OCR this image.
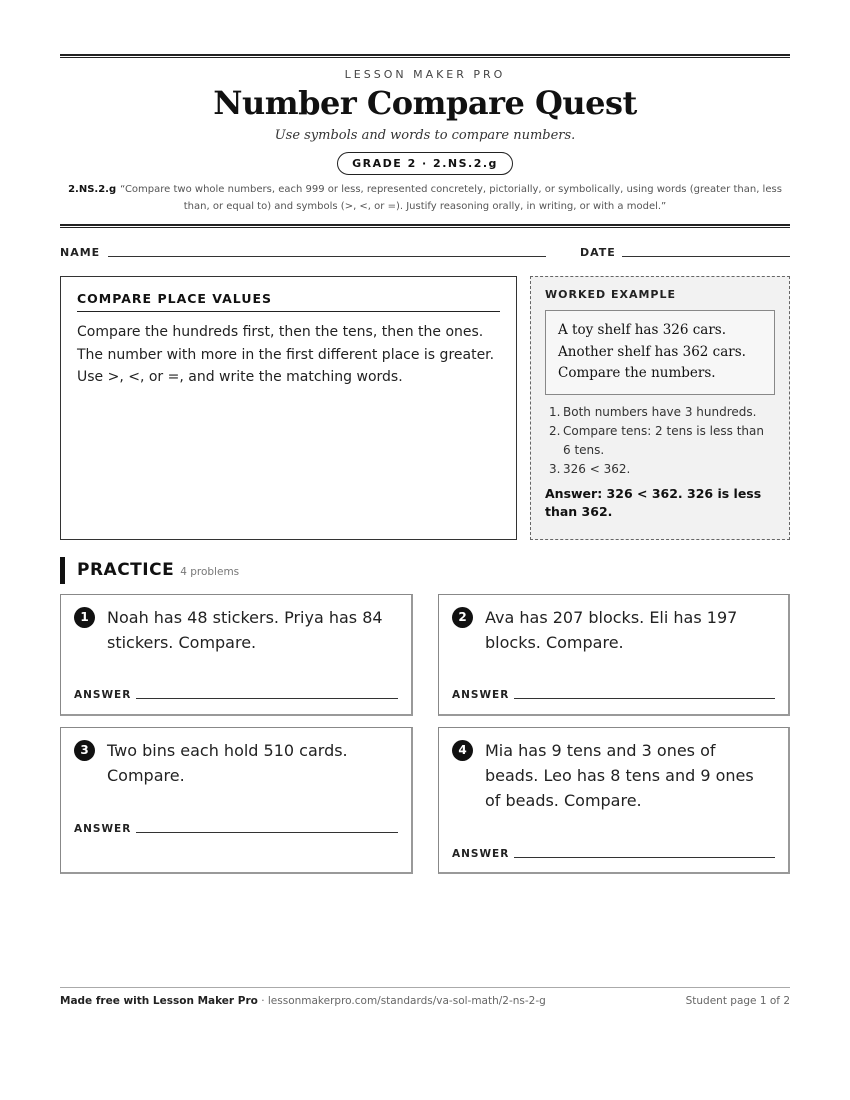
LESSON MAKER PRO
Number Compare Quest
Use symbols and words to compare numbers.
GRADE 2 · 2.NS.2.g
2.NS.2.g “Compare two whole numbers, each 999 or less, represented concretely, pictorially, or symbolically, using words (greater than, less than, or equal to) and symbols (>, <, or =). Justify reasoning orally, in writing, or with a model.”
NAME	DATE
COMPARE PLACE VALUES
Compare the hundreds first, then the tens, then the ones.
The number with more in the first different place is greater.
Use >, <, or =, and write the matching words.
WORKED EXAMPLE
A toy shelf has 326 cars.
Another shelf has 362 cars.
Compare the numbers.
1. Both numbers have 3 hundreds.
2. Compare tens: 2 tens is less than 6 tens.
3. 326 < 362.
Answer: 326 < 362. 326 is less than 362.
PRACTICE 4 problems
1	Noah has 48 stickers. Priya has 84 stickers. Compare.
ANSWER
2	Ava has 207 blocks. Eli has 197 blocks. Compare.
ANSWER
3	Two bins each hold 510 cards. Compare.
ANSWER
4	Mia has 9 tens and 3 ones of beads. Leo has 8 tens and 9 ones of beads. Compare.
ANSWER
Made free with Lesson Maker Pro · lessonmakerpro.com/standards/va-sol-math/2-ns-2-g	Student page 1 of 2
